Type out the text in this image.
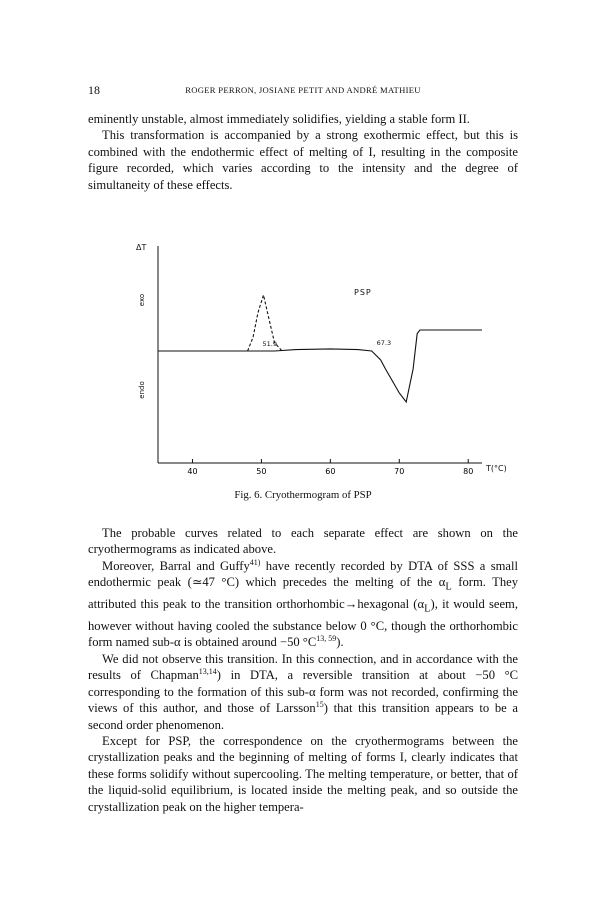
18	ROGER PERRON, JOSIANE PETIT AND ANDRÉ MATHIEU

eminently unstable, almost immediately solidifies, yielding a stable form II.

This transformation is accompanied by a strong exothermic effect, but this is combined with the endothermic effect of melting of I, resulting in the composite figure recorded, which varies according to the intensity and the degree of simultaneity of these effects.

40	50	60	70	80
ΔT
exo
endo
PSP
51.9	67.3
T(°C)
Fig. 6. Cryothermogram of PSP

The probable curves related to each separate effect are shown on the cryothermograms as indicated above.

Moreover, Barral and Guffy$^{41)}$ have recently recorded by DTA of SSS a small endothermic peak (≃47 °C) which precedes the melting of the $\alpha_L$ form. They attributed this peak to the transition orthorhombic→hexagonal $(\alpha_L)$, it would seem, however without having cooled the substance below 0 °C, though the orthorhombic form named sub-α is obtained around −50 $^\circ C^{13, 59}$).

We did not observe this transition. In this connection, and in accordance with the results of Chapman$^{13,14}$) in DTA, a reversible transition at about −50 °C corresponding to the formation of this sub-α form was not recorded, confirming the views of this author, and those of Larsson$^{15}$) that this transition appears to be a second order phenomenon.

Except for PSP, the correspondence on the cryothermograms between the crystallization peaks and the beginning of melting of forms I, clearly indicates that these forms solidify without supercooling. The melting temperature, or better, that of the liquid-solid equilibrium, is located inside the melting peak, and so outside the crystallization peak on the higher tempera-
